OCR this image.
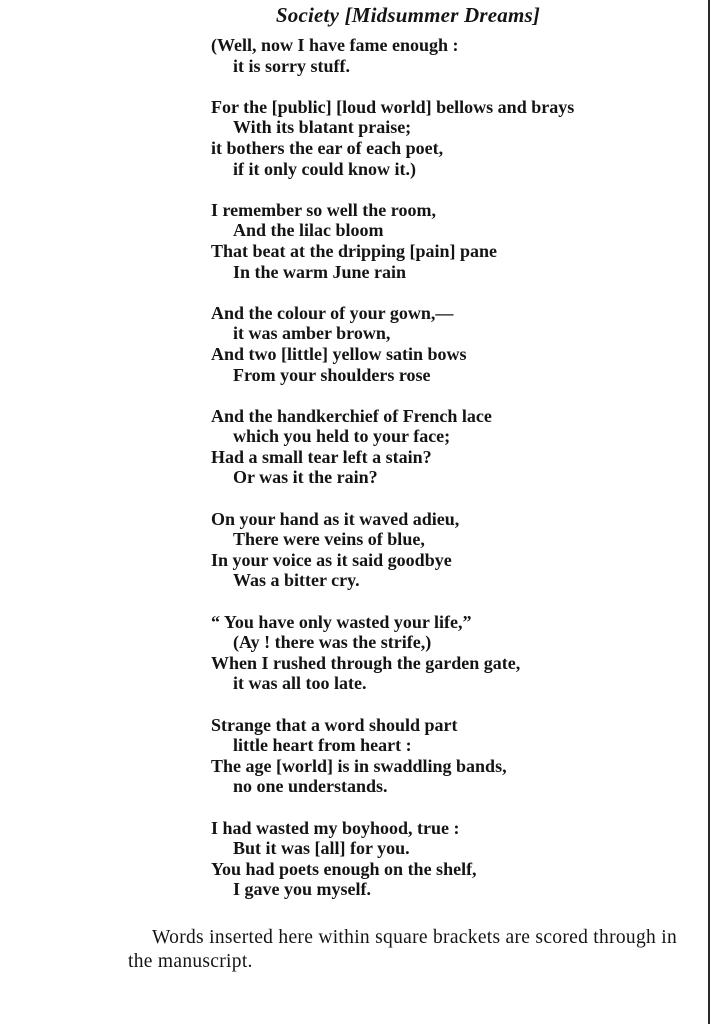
Society [Midsummer Dreams]
(Well, now I have fame enough :
it is sorry stuff.
For the [public] [loud world] bellows and brays
With its blatant praise;
it bothers the ear of each poet,
if it only could know it.)
I remember so well the room,
And the lilac bloom
That beat at the dripping [pain] pane
In the warm June rain
And the colour of your gown,—
it was amber brown,
And two [little] yellow satin bows
From your shoulders rose
And the handkerchief of French lace
which you held to your face;
Had a small tear left a stain?
Or was it the rain?
On your hand as it waved adieu,
There were veins of blue,
In your voice as it said goodbye
Was a bitter cry.
“ You have only wasted your life,”
(Ay ! there was the strife,)
When I rushed through the garden gate,
it was all too late.
Strange that a word should part
little heart from heart :
The age [world] is in swaddling bands,
no one understands.
I had wasted my boyhood, true :
But it was [all] for you.
You had poets enough on the shelf,
I gave you myself.
Words inserted here within square brackets are scored through in the manuscript.
